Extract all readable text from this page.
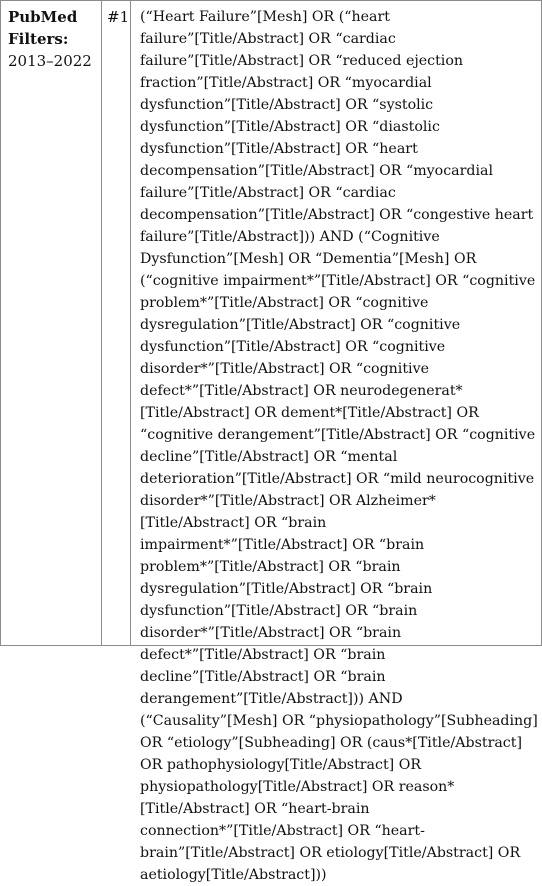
PubMed
Filters:
2013–2022
#1 (“Heart Failure”[Mesh] OR (“heart failure”[Title/Abstract] OR “cardiac failure”[Title/Abstract] OR “reduced ejection fraction”[Title/Abstract] OR “myocardial dysfunction”[Title/Abstract] OR “systolic dysfunction”[Title/Abstract] OR “diastolic dysfunction”[Title/Abstract] OR “heart decompensation”[Title/Abstract] OR “myocardial failure”[Title/Abstract] OR “cardiac decompensation”[Title/Abstract] OR “congestive heart failure”[Title/Abstract])) AND (“Cognitive Dysfunction”[Mesh] OR “Dementia”[Mesh] OR (“cognitive impairment*”[Title/Abstract] OR “cognitive problem*”[Title/Abstract] OR “cognitive dysregulation”[Title/Abstract] OR “cognitive dysfunction”[Title/Abstract] OR “cognitive disorder*”[Title/Abstract] OR “cognitive defect*”[Title/Abstract] OR neurodegenerat*[Title/Abstract] OR dement*[Title/Abstract] OR “cognitive derangement”[Title/Abstract] OR “cognitive decline”[Title/Abstract] OR “mental deterioration”[Title/Abstract] OR “mild neurocognitive disorder*”[Title/Abstract] OR Alzheimer*[Title/Abstract] OR “brain impairment*”[Title/Abstract] OR “brain problem*”[Title/Abstract] OR “brain dysregulation”[Title/Abstract] OR “brain dysfunction”[Title/Abstract] OR “brain disorder*”[Title/Abstract] OR “brain defect*”[Title/Abstract] OR “brain decline”[Title/Abstract] OR “brain derangement”[Title/Abstract])) AND (“Causality”[Mesh] OR “physiopathology”[Subheading] OR “etiology”[Subheading] OR (caus*[Title/Abstract] OR pathophysiology[Title/Abstract] OR physiopathology[Title/Abstract] OR reason*[Title/Abstract] OR “heart-brain connection*”[Title/Abstract] OR “heart-brain”[Title/Abstract] OR etiology[Title/Abstract] OR aetiology[Title/Abstract]))
